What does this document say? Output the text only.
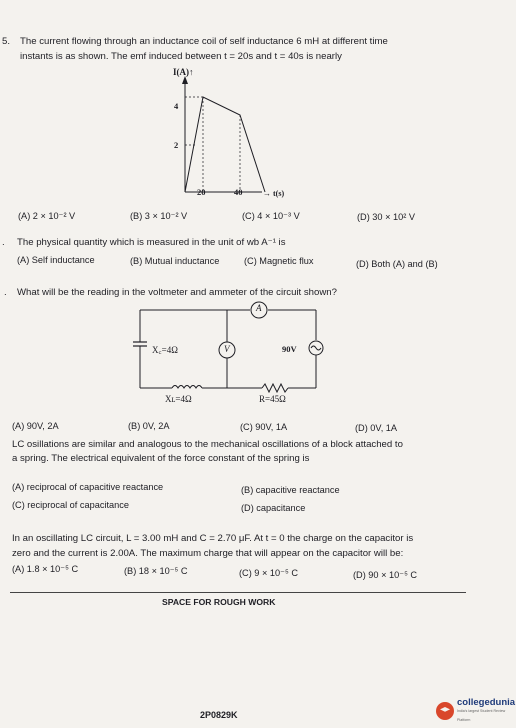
5. The current flowing through an inductance coil of self inductance 6 mH at different time
instants is as shown. The emf induced between t = 20s and t = 40s is nearly
I(A)↑
4
2
20	40	→ t(s)
(A) 2 × 10⁻² V	(B) 3 × 10⁻² V	(C) 4 × 10⁻³ V	(D) 30 × 10² V
. The physical quantity which is measured in the unit of wb A⁻¹ is
(A) Self inductance	(B) Mutual inductance	(C) Magnetic flux	(D) Both (A) and (B)
. What will be the reading in the voltmeter and ammeter of the circuit shown?
A
V
X꜀=4Ω	90V
Xʟ=4Ω	R=45Ω
(A) 90V, 2A	(B) 0V, 2A	(C) 90V, 1A	(D) 0V, 1A
LC osillations are similar and analogous to the mechanical oscillations of a block attached to
a spring. The electrical equivalent of the force constant of the spring is
(A) reciprocal of capacitive reactance	(B) capacitive reactance
(C) reciprocal of capacitance	(D) capacitance
In an oscillating LC circuit, L = 3.00 mH and C = 2.70 μF. At t = 0 the charge on the capacitor is
zero and the current is 2.00A. The maximum charge that will appear on the capacitor will be:
(A) 1.8 × 10⁻⁵ C	(B) 18 × 10⁻⁵ C	(C) 9 × 10⁻⁵ C	(D) 90 × 10⁻⁵ C
SPACE FOR ROUGH WORK
2P0829K
collegedunia
India's largest Student Review Platform
